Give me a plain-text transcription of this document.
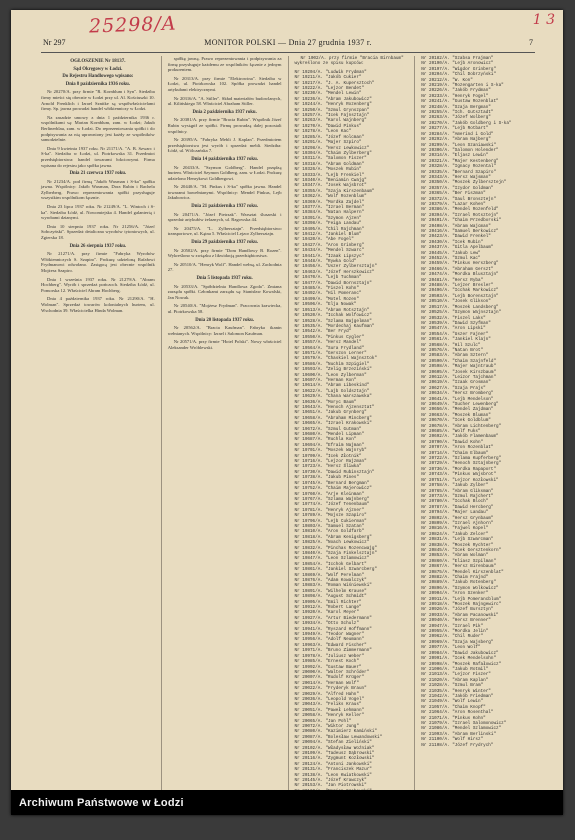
25298/A	1 3
Nr 297	MONITOR POLSKI — Dnia 27 grudnia 1937 r.	7
OGŁOSZENIE Nr 18137.
Sąd Okręgowy w Łodzi.
Do Rejestru Handlowego wpisano:
Dnia 8 października 1936 roku.
Nr 20270/A. przy firmie "R. Kornblum i Syn". Siedziba firmy mieści się obecnie w Łodzi przy ul. Al. Kościuszki 10. Arnold Frenklich i Izrael Sznitke są współwłaścicielami firmy. Sp. jawna prowadzi handel włókienniczy w Łodzi.
Na zasadzie umowy z dnia 1 października 1936 r. wspólnikami są: Marian Kornblum, zam. w Łodzi; Jakub Berlinerblau, zam. w Łodzi. Do reprezentowania spółki i do podpisywania za nią uprawniony jest każdy ze wspólników samodzielnie.
Dnia 9 kwietnia 1937 roku. Nr 21171/A. "A. B. Szwarc i S-ka". Siedziba w Łodzi, ul. Piotrkowska 31. Przedmiot przedsiębiorstwa: handel towarami łokciowymi. Firma wpisana do rejestru jako spółka jawna.
Dnia 21 czerwca 1937 roku.
Nr 21234/A. pod firmą "Jakób Waxman i S-ka" spółka jawna. Wspólnicy: Jakób Waxman, Dora Rubin i Rachela Zylberberg. Prawo reprezentowania spółki przysługuje wszystkim wspólnikom łącznie.
Dnia 23 lipca 1937 roku. Nr 21249/A. "L. Wintoch i S-ka". Siedziba Łódź, ul. Nowomiejska 4. Handel galanterią i wyrobami dzianymi.
Dnia 10 sierpnia 1937 roku. Nr 21256/A. "Józef Sobczyński". Sprzedaż detaliczna wyrobów tytoniowych, ul. Zgierska 18.
Dnia 26 sierpnia 1937 roku.
Nr 21271/A. przy firmie "Fabryka Wyrobów Włókienniczych S. Szapiro". Prokurę udzieloną Rafałowi Frydmanowi odwołano. Zastępcą jest obecnie wspólnik Mojżesz Szapiro.
Dnia 1 września 1937 roku. Nr 21279/A. "Abram Hochberg". Wyrób i sprzedaż pończoch. Siedziba Łódź, ul. Pomorska 12. Właściciel Abram Hochberg.
Dnia 4 października 1937 roku. Nr 21290/A. "H. Wolman". Sprzedaż towarów kolonialnych hurtem, ul. Wschodnia 39. Właścicielka Hinda Wolman.
spółkę jawną. Prawo reprezentowania i podpisywania za firmę przysługuje każdemu ze wspólników łącznie z jednym prokurentem.
Nr 20313/A. przy firmie "Elektrowina". Siedziba w Łodzi, ul. Piotrkowska 102. Spółka prowadzi handel artykułami elektrycznymi.
Nr 20316/A. "A. Stiller". Skład materiałów budowlanych, ul. Kilińskiego 58. Właściciel Abraham Stiller.
Dnia 2 października 1937 roku.
Nr 20381/A. przy firmie "Bracia Rubin". Wspólnik Józef Rubin wystąpił ze spółki. Firmę prowadzą dalej pozostali wspólnicy.
Nr 20395/A. "Fabryka Mebli J. Kaplan". Przedmiotem przedsiębiorstwa jest wyrób i sprzedaż mebli. Siedziba: Łódź, ul. Wólczańska 7.
Dnia 14 października 1937 roku.
Nr 20433/A. "Szymon Goldberg". Handel przędzą hurtem. Właściciel Szymon Goldberg, zam. w Łodzi. Prokurę udzielono Henrykowi Goldbergowi.
Nr 20440/A. "M. Pinkus i S-ka" spółka jawna. Handel towarami bawełnianymi. Wspólnicy: Mendel Pinkus, Lejb Jakubowicz.
Dnia 21 października 1937 roku.
Nr 20471/A. "Józef Pietrzak". Warsztat ślusarski i sprzedaż artykułów żelaznych, ul. Rzgowska 44.
Nr 20475/A. "L. Zylbersztajn". Przedsiębiorstwo transportowe, ul. Kątna 5. Właściciel Lejzor Zylbersztajn.
Dnia 29 października 1937 roku.
Nr 20502/A. przy firmie "Dom Handlowy B. Rozen". Wykreślono w związku z likwidacją przedsiębiorstwa.
Nr 20510/A. "Henryk Wolf". Handel wełną, ul. Zachodnia 27.
Dnia 5 listopada 1937 roku.
Nr 20533/A. "Spółdzielnia Handlowa Zgoda". Zmiana zarządu spółki. Członkami zarządu są: Stanisław Kowalski, Jan Nowak.
Nr 20540/A. "Mojżesz Frydman". Pracownia krawiecka, ul. Piotrkowska 58.
Dnia 20 listopada 1937 roku.
Nr 20562/A. "Bracia Kaufman". Fabryka tkanin wełnianych. Wspólnicy: Izrael i Salomon Kaufman.
Nr 20571/A. przy firmie "Hotel Polski". Nowy właściciel Aleksander Wróblewski.
Nr 1002/A. przy firmie "Bracia Birnbaum" wykreślono ze spisu kupców:
Nr 19204/A. "Ludwik Frydman"
Nr 19211/A. "Jakób Cukier"
Nr 19217/A. "J. A. Kupersztoch"
Nr 19222/A. "Lejzor Bendet"
Nr 19230/A. "Mendel Lewin"
Nr 19236/A. "Abram Jakubowicz"
Nr 19244/A. "Henryk Rozenberg"
Nr 19250/A. "Szmul Grynszpan"
Nr 19257/A. "Icek Fajnsztajn"
Nr 19263/A. "Karol Wajnberg"
Nr 19270/A. "Dawid Pinkus"
Nr 19278/A. "Leon Kac"
Nr 19285/A. "Józef Holcman"
Nr 19291/A. "Majer Szpiro"
Nr 19298/A. "Hersz Lewkowicz"
Nr 19304/A. "Chaim Zylberberg"
Nr 19311/A. "Salomon Fiszer"
Nr 19318/A. "Abram Goldman"
Nr 19326/A. "Moszek Rubin"
Nr 19333/A. "Lejb Frenkiel"
Nr 19340/A. "Beniamin Cwajg"
Nr 19347/A. "Josek Wajsbrot"
Nr 19355/A. "Szaja Kirszenbaum"
Nr 19362/A. "Wolf Rozenblum"
Nr 19369/A. "Mordka Zajdel"
Nr 19377/A. "Izrael Berman"
Nr 19384/A. "Natan Halpern"
Nr 19391/A. "Szymon Ajzen"
Nr 19398/A. "Feiga Landau"
Nr 19405/A. "Chil Rajchman"
Nr 19412/A. "Jankiel Blum"
Nr 19420/A. "Abe Fogel"
Nr 19427/A. "Aron Grinberg"
Nr 19434/A. "Mendel Szwarc"
Nr 19441/A. "Izaak Lipszyc"
Nr 19448/A. "Rywka Gold"
Nr 19456/A. "Uszer Zylbersztajn"
Nr 19463/A. "Józef Herszkowicz"
Nr 19470/A. "Lejb Tuchman"
Nr 19477/A. "Dawid Bornsztajn"
Nr 19485/A. "Fiszel Kohn"
Nr 19492/A. "Hil Pomeranc"
Nr 19499/A. "Motel Rozen"
Nr 19506/A. "Elja Nowak"
Nr 19513/A. "Abram Rotsztajn"
Nr 19520/A. "Icchak Wolfowicz"
Nr 19528/A. "Szlama Bajgelman"
Nr 19535/A. "Mordechaj Kaufman"
Nr 19542/A. "Ber Fryd"
Nr 19550/A. "Pinkus Cygler"
Nr 19557/A. "Hersz Mandel"
Nr 19564/A. "Sura Frydland"
Nr 19571/A. "Gerszon Lerner"
Nr 19579/A. "Chaskiel Wajnsztok"
Nr 19586/A. "Nuchim Szpigiel"
Nr 19593/A. "Zelig Brzeziński"
Nr 19600/A. "Leon Zylberman"
Nr 19607/A. "Herman Kon"
Nr 19614/A. "Abram Libeskind"
Nr 19622/A. "Lajb Goldsztajn"
Nr 19629/A. "Chana Warszawska"
Nr 19636/A. "Moryc Baum"
Nr 19643/A. "Henoch Ajzensztat"
Nr 19651/A. "Jakub Grynberg"
Nr 19658/A. "Abraham Mincberg"
Nr 19665/A. "Izrael Krakowski"
Nr 19672/A. "Szmul Gutman"
Nr 19680/A. "Mendel Lipman"
Nr 19687/A. "Ruchla Kon"
Nr 19694/A. "Efraim Najman"
Nr 19701/A. "Moszek Wajnryb"
Nr 19709/A. "Icek Złotnik"
Nr 19716/A. "Lejzor Rajzman"
Nr 19723/A. "Hersz Śliwka"
Nr 19730/A. "Dawid Rubinsztajn"
Nr 19738/A. "Jakub Pines"
Nr 19745/A. "Bernard Bergman"
Nr 19752/A. "Chaim Majerowicz"
Nr 19760/A. "Arje Kleinman"
Nr 19767/A. "Szlama Wajnberg"
Nr 19774/A. "Józef Tenenbaum"
Nr 19781/A. "Henryk Ajzner"
Nr 19789/A. "Mojsze Szapiro"
Nr 19796/A. "Lejb Cukierman"
Nr 19803/A. "Samuel Szatan"
Nr 19810/A. "Aron Goldfarb"
Nr 19818/A. "Abram Kenigsberg"
Nr 19825/A. "Noach Lewkowicz"
Nr 19832/A. "Pinchas Rozencwajg"
Nr 19840/A. "Szaja Finkelsztajn"
Nr 19847/A. "Leon Szlamowicz"
Nr 19854/A. "Icchok Gelbart"
Nr 19861/A. "Jankiel Szwarcberg"
Nr 19869/A. "Wolf Perelman"
Nr 19876/A. "Adam Kowalczyk"
Nr 19883/A. "Roman Wiśniewski"
Nr 19891/A. "Wilhelm Krause"
Nr 19898/A. "August Schmidt"
Nr 19905/A. "Emil Richter"
Nr 19912/A. "Robert Lange"
Nr 19920/A. "Karol Meyer"
Nr 19927/A. "Artur Biedermann"
Nr 19934/A. "Otto Schulz"
Nr 19941/A. "Ryszard Hoffmann"
Nr 19949/A. "Teodor Wagner"
Nr 19956/A. "Adolf Neumann"
Nr 19963/A. "Edward Fischer"
Nr 19971/A. "Bruno Zimmermann"
Nr 19978/A. "Juliusz Weber"
Nr 19985/A. "Ernest Koch"
Nr 19992/A. "Gustaw Bauer"
Nr 20000/A. "Walter Schröder"
Nr 20007/A. "Rudolf Krüger"
Nr 20014/A. "Herman Wolf"
Nr 20022/A. "Fryderyk Braun"
Nr 20029/A. "Alfred Hahn"
Nr 20036/A. "Leopold Vogel"
Nr 20043/A. "Feliks Kraus"
Nr 20051/A. "Paweł Lehmann"
Nr 20058/A. "Henryk Keller"
Nr 20065/A. "Jan Pohl"
Nr 20072/A. "Wiktor Jung"
Nr 20080/A. "Kazimierz Kamiński"
Nr 20087/A. "Bolesław Lewandowski"
Nr 20094/A. "Stefan Zieliński"
Nr 20102/A. "Władysław Woźniak"
Nr 20109/A. "Tadeusz Dąbrowski"
Nr 20116/A. "Zygmunt Kozłowski"
Nr 20124/A. "Antoni Jankowski"
Nr 20131/A. "Franciszek Mazur"
Nr 20138/A. "Leon Kwiatkowski"
Nr 20145/A. "Józef Krawczyk"
Nr 20153/A. "Jan Piotrowski"
Nr 20182/A. "Szabsa Frajman"
Nr 20190/A. "Lejb Aronowicz"
Nr 20197/A. "Wigdor Grinberg"
Nr 20204/A. "Chil Dobrzyński"
Nr 20212/A. "W. Kon"
Nr 20219/A. "Rozengarten i S-ka"
Nr 20226/A. "Jakób Frydman"
Nr 20233/A. "Henryk Fogel"
Nr 20241/A. "Gustaw Rozenblat"
Nr 20248/A. "Szaja Bergman"
Nr 20255/A. "Ich. Gutsztadt"
Nr 20263/A. "Józef Wolberg"
Nr 20270/A. "Jakób Goldberg i S-ka"
Nr 20277/A. "Lejb Rotbart"
Nr 20284/A. "Amerind i Gold"
Nr 20292/A. "Abram Najberg"
Nr 20299/A. "Leon Szaniawski"
Nr 20306/A. "Salomon Holender"
Nr 20314/A. "Eljasz Lewin"
Nr 20321/A. "Majer Kestenberg"
Nr 20328/A. "Ignacy Rozental"
Nr 20335/A. "Bernard Szapiro"
Nr 20343/A. "Hersz Wajsman"
Nr 20350/A. "Moszek Zylbersztejn"
Nr 20357/A. "Izydor Goldman"
Nr 20365/A. "Ber Fiszman"
Nr 20372/A. "Saul Bronsztejn"
Nr 20379/A. "Lazar Kohen"
Nr 20386/A. "Mendel Rozenfeld"
Nr 20394/A. "Izrael Rotsztejn"
Nr 20401/A. "Chaim Przedborski"
Nr 20408/A. "Abram Wajcman"
Nr 20416/A. "Samuel Berkowicz"
Nr 20423/A. "Dawid Frenkel"
Nr 20430/A. "Icek Rubin"
Nr 20437/A. "Gitla Apelbaum"
Nr 20445/A. "Jakub Lew"
Nr 20452/A. "Szmul Kac"
Nr 20459/A. "Pinkus Herszberg"
Nr 20466/A. "Abraham Gerszt"
Nr 20474/A. "Mordka Blusztajn"
Nr 20481/A. "Hersz Ryba"
Nr 20488/A. "Lejzer Bresler"
Nr 20496/A. "Icchak Markowicz"
Nr 20503/A. "Lejb Borensztajn"
Nr 20510/A. "Josek Glikson"
Nr 20517/A. "Moszek Landsberg"
Nr 20525/A. "Szymon Wajnsztajn"
Nr 20532/A. "Fiszel Laks"
Nr 20539/A. "Dawid Szyfman"
Nr 20547/A. "Aron Lipski"
Nr 20554/A. "Uszer Fajner"
Nr 20561/A. "Jankiel Klajn"
Nr 20568/A. "Hil Szulc"
Nr 20576/A. "Natan Brot"
Nr 20583/A. "Abram Sztern"
Nr 20590/A. "Chaim Szajnfeld"
Nr 20598/A. "Majer Wajntraub"
Nr 20605/A. "Josek Kirszbaum"
Nr 20612/A. "Leizor Tajchman"
Nr 20619/A. "Izaak Grosman"
Nr 20627/A. "Szaja Prajs"
Nr 20634/A. "Hersz Bromberg"
Nr 20641/A. "Lejb Mendelson"
Nr 20649/A. "Sucher Lewenberg"
Nr 20656/A. "Mendel Zajdman"
Nr 20663/A. "Moszek Bluman"
Nr 20670/A. "Icek Goldblum"
Nr 20678/A. "Abram Lichtenberg"
Nr 20685/A. "Wolf Fuks"
Nr 20692/A. "Jakób Flamenbaum"
Nr 20700/A. "Dawid Kohn"
Nr 20707/A. "Aron Rozenblat"
Nr 20714/A. "Chaim Elbaum"
Nr 20722/A. "Szlama Kupferberg"
Nr 20729/A. "Henoch Sztajnberg"
Nr 20736/A. "Mordka Rapaport"
Nr 20743/A. "Pinkus Wajsbrot"
Nr 20751/A. "Lejzor Kozłowski"
Nr 20758/A. "Jakub Zylber"
Nr 20765/A. "Abram Gliksman"
Nr 20773/A. "Szmul Rajchert"
Nr 20780/A. "Icchak Bloch"
Nr 20787/A. "Dawid Hercberg"
Nr 20794/A. "Majer Landau"
Nr 20802/A. "Hersz Grynbaum"
Nr 20809/A. "Izrael Ajnhorn"
Nr 20816/A. "Fajwel Kopel"
Nr 20824/A. "Jakub Zelcer"
Nr 20831/A. "Lejb Szwarcman"
Nr 20838/A. "Moszek Rychter"
Nr 20845/A. "Icek Gersztenkorn"
Nr 20853/A. "Abram Wolman"
Nr 20860/A. "Eliasz Szpilman"
Nr 20867/A. "Hersz Birenbaum"
Nr 20875/A. "Mendel Kirszenblat"
Nr 20882/A. "Chaim Frajnd"
Nr 20889/A. "Jakub Rotenberg"
Nr 20896/A. "Szymon Wolkowicz"
Nr 20904/A. "Aron Szenker"
Nr 20911/A. "Lejb Pomerancblum"
Nr 20918/A. "Moszek Rajngewirc"
Nr 20926/A. "Józef Bursztyn"
Nr 20933/A. "Abram Pacanowski"
Nr 20940/A. "Hersz Brenner"
Nr 20947/A. "Izrael Pik"
Nr 20955/A. "Mordka Jelin"
Nr 20962/A. "Chil Ruder"
Nr 20969/A. "Szaja Wajsberg"
Nr 20977/A. "Leon Wolf"
Nr 20984/A. "Dawid Jakubowicz"
Nr 20991/A. "Icek Mendelsohn"
Nr 20998/A. "Moszek Rafałowicz"
Nr 21006/A. "Jakub Rotmil"
Nr 21013/A. "Lejzor Fiszer"
Nr 21020/A. "Abram Kaplan"
Nr 21028/A. "Szmul Bram"
Nr 21035/A. "Henryk Winter"
Nr 21042/A. "Jakób Friedman"
Nr 21049/A. "Wolf Lewin"
Nr 21057/A. "Chaim Knopf"
Nr 21064/A. "Aron Rosenthal"
Nr 21071/A. "Pinkus Kohn"
Nr 21079/A. "Izrael Salomonowicz"
Nr 21086/A. "Mendel Szlamowicz"
Nr 21093/A. "Abram Berlinski"
Nr 21100/A. "Wolf Hirsz"
Nr 21108/A. "Józef Frydrych"
Archiwum Państwowe w Łodzi
